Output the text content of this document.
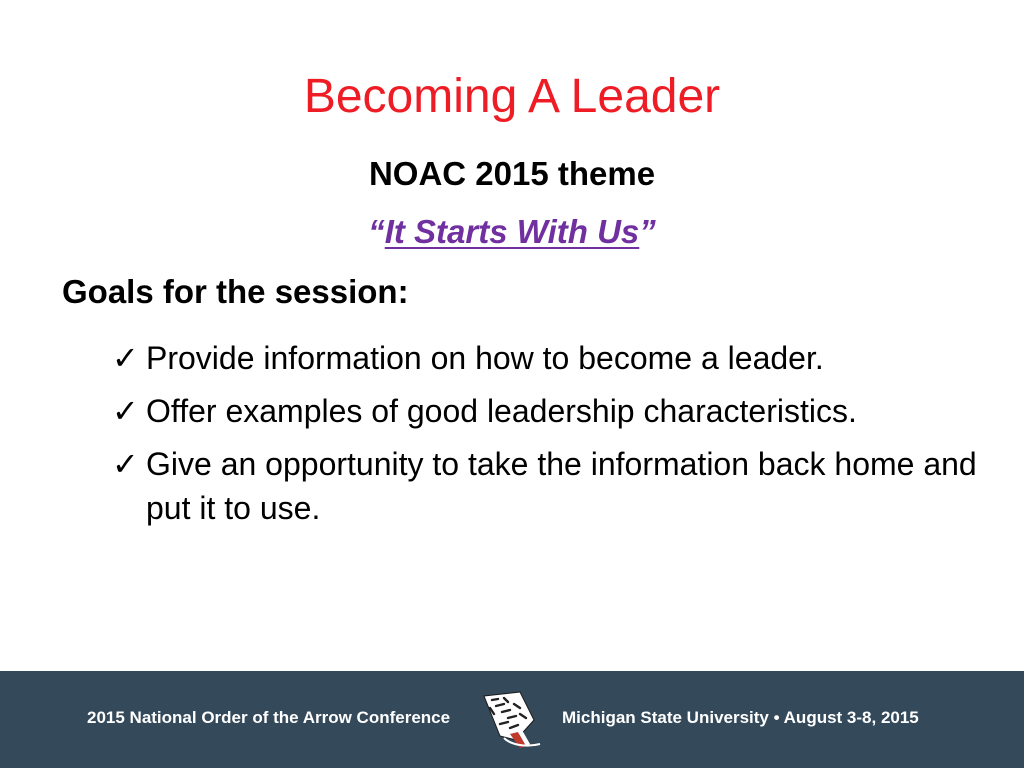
Becoming A Leader
NOAC 2015 theme
“It Starts With Us”
Goals for the session:
✓ Provide information on how to become a leader.
✓ Offer examples of good leadership characteristics.
✓ Give an opportunity to take the information back home and put it to use.
2015 National Order of the Arrow Conference	Michigan State University • August 3-8, 2015
